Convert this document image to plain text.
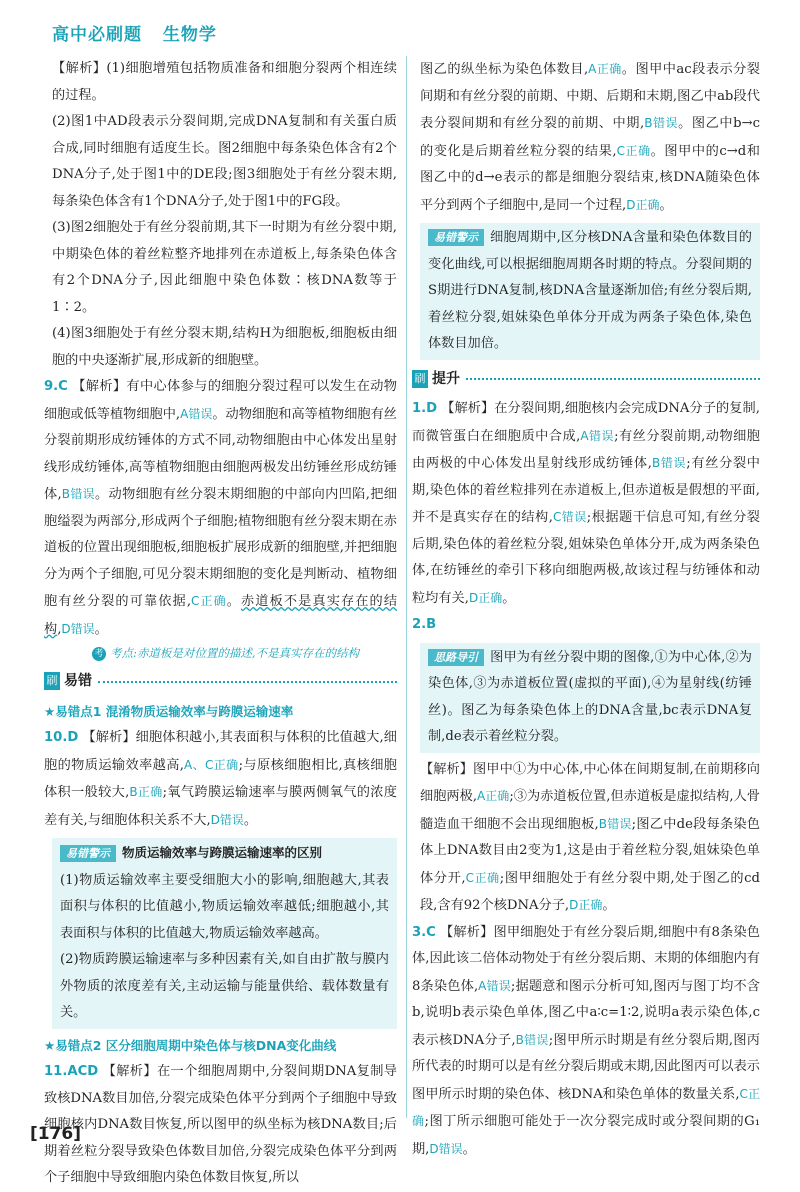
高中必刷题 生物学

【解析】(1)细胞增殖包括物质准备和细胞分裂两个相连续的过程。

(2)图1中AD段表示分裂间期,完成DNA复制和有关蛋白质合成,同时细胞有适度生长。图2细胞中每条染色体含有2个DNA分子,处于图1中的DE段;图3细胞处于有丝分裂末期,每条染色体含有1个DNA分子,处于图1中的FG段。

(3)图2细胞处于有丝分裂前期,其下一时期为有丝分裂中期,中期染色体的着丝粒整齐地排列在赤道板上,每条染色体含有2个DNA分子,因此细胞中染色体数∶核DNA数等于1∶2。

(4)图3细胞处于有丝分裂末期,结构H为细胞板,细胞板由细胞的中央逐渐扩展,形成新的细胞壁。

9.C 【解析】有中心体参与的细胞分裂过程可以发生在动物细胞或低等植物细胞中,A错误。动物细胞和高等植物细胞有丝分裂前期形成纺锤体的方式不同,动物细胞由中心体发出星射线形成纺锤体,高等植物细胞由细胞两极发出纺锤丝形成纺锤体,B错误。动物细胞有丝分裂末期细胞的中部向内凹陷,把细胞缢裂为两部分,形成两个子细胞;植物细胞有丝分裂末期在赤道板的位置出现细胞板,细胞板扩展形成新的细胞壁,并把细胞分为两个子细胞,可见分裂末期细胞的变化是判断动、植物细胞有丝分裂的可靠依据,C正确。赤道板不是真实存在的结构,D错误。

考 考点:赤道板是对位置的描述,不是真实存在的结构
刷 易错
★易错点1 混淆物质运输效率与跨膜运输速率

10.D 【解析】细胞体积越小,其表面积与体积的比值越大,细胞的物质运输效率越高,A、C正确;与原核细胞相比,真核细胞体积一般较大,B正确;氧气跨膜运输速率与膜两侧氧气的浓度差有关,与细胞体积关系不大,D错误。

易错警示 物质运输效率与跨膜运输速率的区别

(1)物质运输效率主要受细胞大小的影响,细胞越大,其表面积与体积的比值越小,物质运输效率越低;细胞越小,其表面积与体积的比值越大,物质运输效率越高。

(2)物质跨膜运输速率与多种因素有关,如自由扩散与膜内外物质的浓度差有关,主动运输与能量供给、载体数量有关。

★易错点2 区分细胞周期中染色体与核DNA变化曲线

11.ACD 【解析】在一个细胞周期中,分裂间期DNA复制导致核DNA数目加倍,分裂完成染色体平分到两个子细胞中导致细胞核内DNA数目恢复,所以图甲的纵坐标为核DNA数目;后期着丝粒分裂导致染色体数目加倍,分裂完成染色体平分到两个子细胞中导致细胞内染色体数目恢复,所以

图乙的纵坐标为染色体数目,A正确。图甲中ac段表示分裂间期和有丝分裂的前期、中期、后期和末期,图乙中ab段代表分裂间期和有丝分裂的前期、中期,B错误。图乙中b→c的变化是后期着丝粒分裂的结果,C正确。图甲中的c→d和图乙中的d→e表示的都是细胞分裂结束,核DNA随染色体平分到两个子细胞中,是同一个过程,D正确。

易错警示 细胞周期中,区分核DNA含量和染色体数目的变化曲线,可以根据细胞周期各时期的特点。分裂间期的S期进行DNA复制,核DNA含量逐渐加倍;有丝分裂后期,着丝粒分裂,姐妹染色单体分开成为两条子染色体,染色体数目加倍。

刷 提升

1.D 【解析】在分裂间期,细胞核内会完成DNA分子的复制,而微管蛋白在细胞质中合成,A错误;有丝分裂前期,动物细胞由两极的中心体发出星射线形成纺锤体,B错误;有丝分裂中期,染色体的着丝粒排列在赤道板上,但赤道板是假想的平面,并不是真实存在的结构,C错误;根据题干信息可知,有丝分裂后期,染色体的着丝粒分裂,姐妹染色单体分开,成为两条染色体,在纺锤丝的牵引下移向细胞两极,故该过程与纺锤体和动粒均有关,D正确。

2.B

思路导引 图甲为有丝分裂中期的图像,①为中心体,②为染色体,③为赤道板位置(虚拟的平面),④为星射线(纺锤丝)。图乙为每条染色体上的DNA含量,bc表示DNA复制,de表示着丝粒分裂。

【解析】图甲中①为中心体,中心体在间期复制,在前期移向细胞两极,A正确;③为赤道板位置,但赤道板是虚拟结构,人骨髓造血干细胞不会出现细胞板,B错误;图乙中de段每条染色体上DNA数目由2变为1,这是由于着丝粒分裂,姐妹染色单体分开,C正确;图甲细胞处于有丝分裂中期,处于图乙的cd段,含有92个核DNA分子,D正确。

3.C 【解析】图甲细胞处于有丝分裂后期,细胞中有8条染色体,因此该二倍体动物处于有丝分裂后期、末期的体细胞内有8条染色体,A错误;据题意和图示分析可知,图丙与图丁均不含b,说明b表示染色单体,图乙中a∶c=1∶2,说明a表示染色体,c表示核DNA分子,B错误;图甲所示时期是有丝分裂后期,图丙所代表的时期可以是有丝分裂后期或末期,因此图丙可以表示图甲所示时期的染色体、核DNA和染色单体的数量关系,C正确;图丁所示细胞可能处于一次分裂完成时或分裂间期的G₁期,D错误。

[176]
